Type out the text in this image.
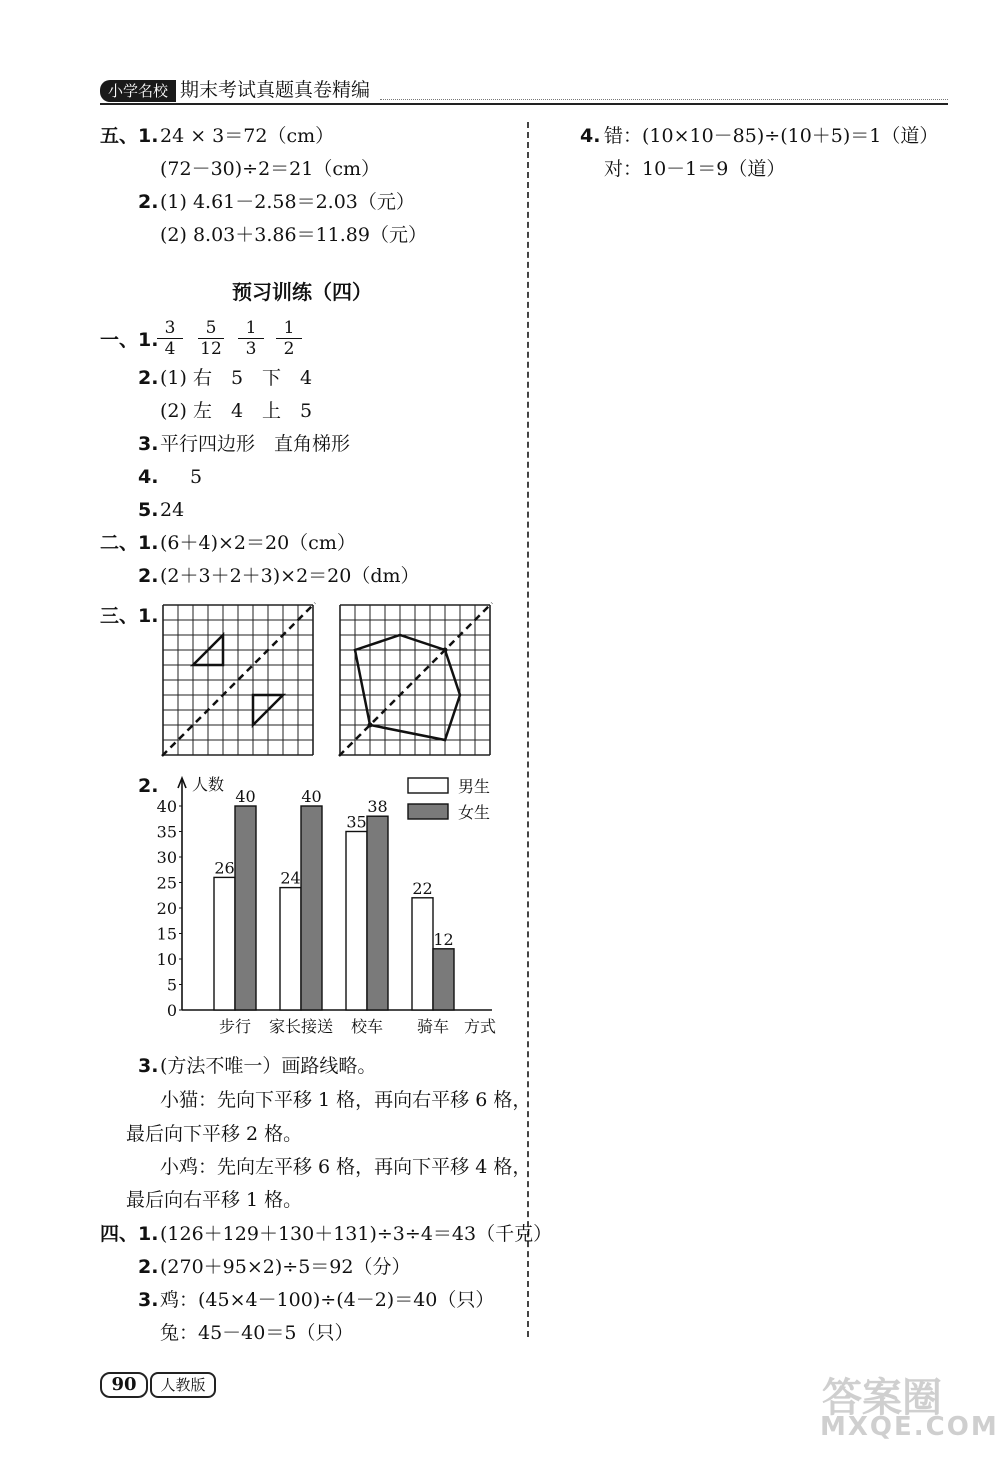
小学名校 期末考试真题真卷精编
五、 1. 24 × 3＝72（cm）
(72－30)÷2＝21（cm）
2. (1) 4.61－2.58＝2.03（元）
(2) 8.03＋3.86＝11.89（元）
预习训练（四）
一、 1.
$\frac{3}{4} \frac{5}{12} \frac{1}{3} \frac{1}{2}$
2. (1) 右　5　下　4
(2) 左　4　上　5
3. 平行四边形　直角梯形
4. 5
5. 24
二、 1. (6＋4)×2＝20（cm）
2. (2＋3＋2＋3)×2＝20（dm）
三、 1.
2. 人数
0
5
10
15
20
25
30
35
40
26
40
步行
24
40
家长接送
35
38
校车
22
12
骑车 方式
男生
女生
3. (方法不唯一）画路线略。
小猫：先向下平移 1 格，再向右平移 6 格，
最后向下平移 2 格。
小鸡：先向左平移 6 格，再向下平移 4 格，
最后向右平移 1 格。
四、 1. (126＋129＋130＋131)÷3÷4＝43（千克）
2. (270＋95×2)÷5＝92（分）
3. 鸡：(45×4－100)÷(4－2)＝40（只）
兔：45－40＝5（只）
4. 错：(10×10－85)÷(10＋5)＝1（道）
对：10－1＝9（道）
90	人教版	答案圈
MXQE.COM
